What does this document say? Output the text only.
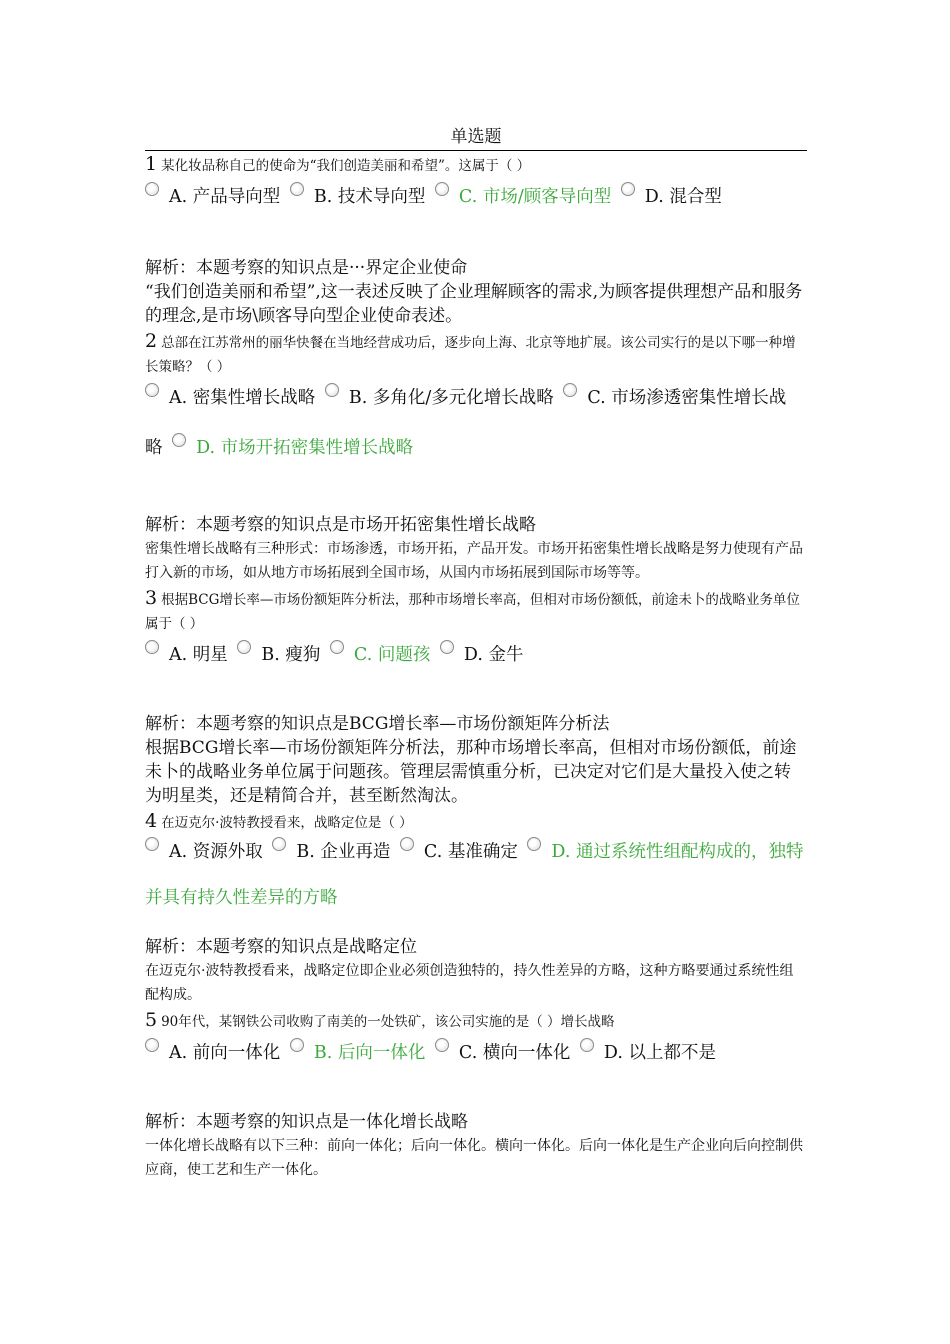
单选题
1 某化妆品称自己的使命为“我们创造美丽和希望”。这属于（ ）
A. 产品导向型 B. 技术导向型 C. 市场/顾客导向型 D. 混合型
解析：本题考察的知识点是···界定企业使命
“我们创造美丽和希望”,这一表述反映了企业理解顾客的需求,为顾客提供理想产品和服务的理念,是市场\顾客导向型企业使命表述。
2 总部在江苏常州的丽华快餐在当地经营成功后，逐步向上海、北京等地扩展。该公司实行的是以下哪一种增长策略？（ ）
A. 密集性增长战略 B. 多角化/多元化增长战略 C. 市场渗透密集性增长战略 D. 市场开拓密集性增长战略
解析：本题考察的知识点是市场开拓密集性增长战略
密集性增长战略有三种形式：市场渗透，市场开拓，产品开发。市场开拓密集性增长战略是努力使现有产品打入新的市场，如从地方市场拓展到全国市场，从国内市场拓展到国际市场等等。
3 根据BCG增长率—市场份额矩阵分析法，那种市场增长率高，但相对市场份额低，前途未卜的战略业务单位属于（ ）
A. 明星 B. 瘦狗 C. 问题孩 D. 金牛
解析：本题考察的知识点是BCG增长率—市场份额矩阵分析法
根据BCG增长率—市场份额矩阵分析法，那种市场增长率高，但相对市场份额低，前途未卜的战略业务单位属于问题孩。管理层需慎重分析，已决定对它们是大量投入使之转为明星类，还是精简合并，甚至断然淘汰。
4 在迈克尔·波特教授看来，战略定位是（ ）
A. 资源外取 B. 企业再造 C. 基准确定 D. 通过系统性组配构成的，独特并具有持久性差异的方略
解析：本题考察的知识点是战略定位
在迈克尔·波特教授看来，战略定位即企业必须创造独特的，持久性差异的方略，这种方略要通过系统性组配构成。
5 90年代，某钢铁公司收购了南美的一处铁矿，该公司实施的是（ ）增长战略
A. 前向一体化 B. 后向一体化 C. 横向一体化 D. 以上都不是
解析：本题考察的知识点是一体化增长战略
一体化增长战略有以下三种：前向一体化；后向一体化。横向一体化。后向一体化是生产企业向后向控制供应商，使工艺和生产一体化。
